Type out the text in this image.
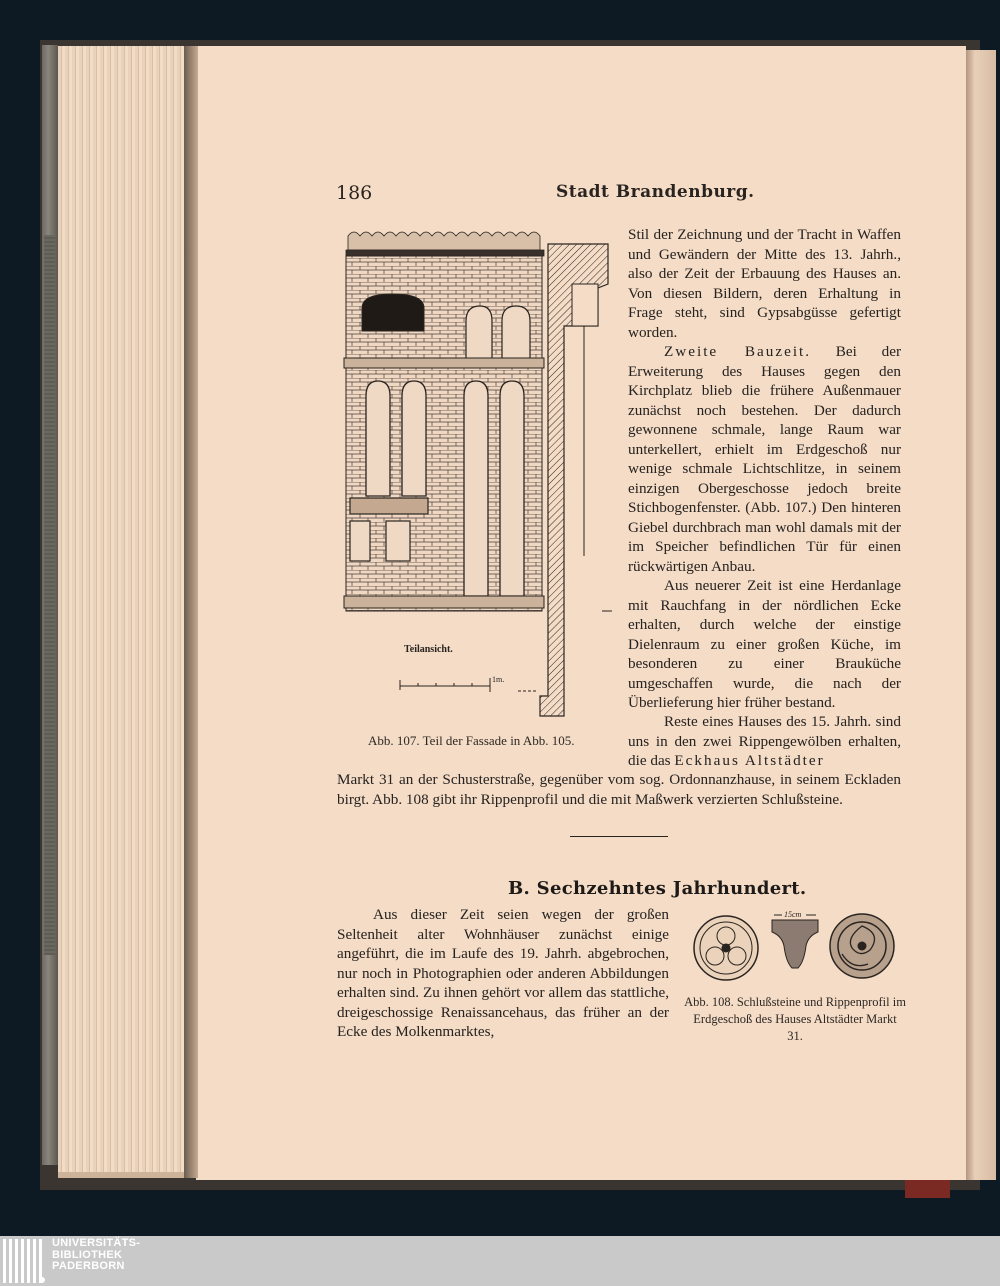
186	Stadt Brandenburg.
Teilansicht.
1m.
Abb. 107. Teil der Fassade in Abb. 105.

Stil der Zeichnung und der Tracht in Waffen und Gewändern der Mitte des 13. Jahrh., also der Zeit der Erbauung des Hauses an. Von diesen Bildern, deren Erhaltung in Frage steht, sind Gypsabgüsse gefertigt worden.

Zweite Bauzeit. Bei der Erweiterung des Hauses gegen den Kirchplatz blieb die frühere Außenmauer zunächst noch bestehen. Der dadurch gewonnene schmale, lange Raum war unterkellert, erhielt im Erdgeschoß nur wenige schmale Lichtschlitze, in seinem einzigen Obergeschosse jedoch breite Stichbogenfenster. (Abb. 107.) Den hinteren Giebel durchbrach man wohl damals mit der im Speicher befindlichen Tür für einen rückwärtigen Anbau.

Aus neuerer Zeit ist eine Herdanlage mit Rauchfang in der nördlichen Ecke erhalten, durch welche der einstige Dielenraum zu einer großen Küche, im besonderen zu einer Brauküche umgeschaffen wurde, die nach der Überlieferung hier früher bestand.

Reste eines Hauses des 15. Jahrh. sind uns in den zwei Rippengewölben erhalten, die das Eckhaus Altstädter

Markt 31 an der Schusterstraße, gegenüber vom sog. Ordonnanzhause, in seinem Eckladen birgt. Abb. 108 gibt ihr Rippenprofil und die mit Maßwerk verzierten Schlußsteine.

B. Sechzehntes Jahrhundert.

Aus dieser Zeit seien wegen der großen Seltenheit alter Wohnhäuser zunächst einige angeführt, die im Laufe des 19. Jahrh. abgebrochen, nur noch in Photographien oder anderen Abbildungen erhalten sind. Zu ihnen gehört vor allem das stattliche, dreigeschossige Renaissancehaus, das früher an der Ecke des Molkenmarktes,

15cm
Abb. 108. Schlußsteine und Rippenprofil im Erdgeschoß des Hauses Altstädter Markt 31.
UNIVERSITÄTS-
BIBLIOTHEK
PADERBORN
